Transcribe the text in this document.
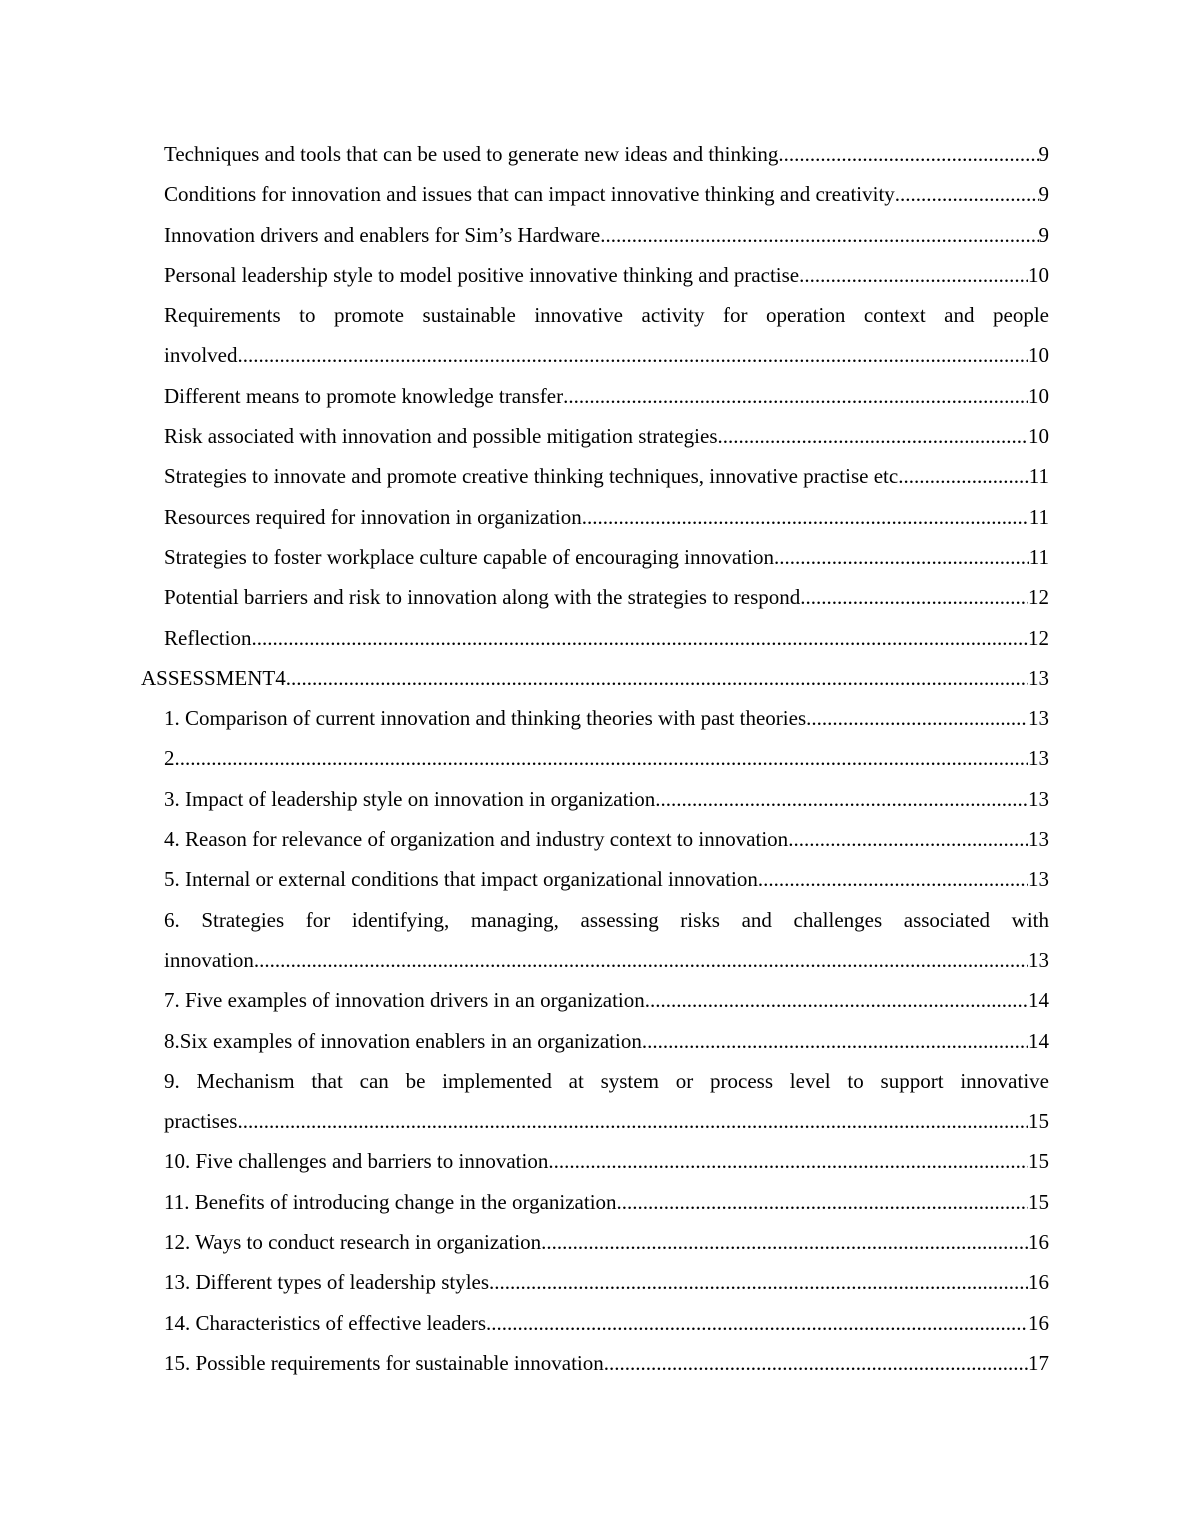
Techniques and tools that can be used to generate new ideas and thinking .....	9
Conditions for innovation and issues that can impact innovative thinking and creativity .....	9
Innovation drivers and enablers for Sim’s Hardware .....	9
Personal leadership style to model positive innovative thinking and practise .....	10
Requirements to promote sustainable innovative activity for operation context and people
involved .....	10
Different means to promote knowledge transfer .....	10
Risk associated with innovation and possible mitigation strategies .....	10
Strategies to innovate and promote creative thinking techniques, innovative practise etc .....	11
Resources required for innovation in organization .....	11
Strategies to foster workplace culture capable of encouraging innovation .....	11
Potential barriers and risk to innovation along with the strategies to respond .....	12
Reflection .....	12
ASSESSMENT4 .....	13
1. Comparison of current innovation and thinking theories with past theories .....	13
2 .....	13
3. Impact of leadership style on innovation in organization .....	13
4. Reason for relevance of organization and industry context to innovation .....	13
5. Internal or external conditions that impact organizational innovation .....	13
6. Strategies for identifying, managing, assessing risks and challenges associated with
innovation .....	13
7. Five examples of innovation drivers in an organization .....	14
8.Six examples of innovation enablers in an organization .....	14
9. Mechanism that can be implemented at system or process level to support innovative
practises .....	15
10. Five challenges and barriers to innovation .....	15
11. Benefits of introducing change in the organization .....	15
12. Ways to conduct research in organization .....	16
13. Different types of leadership styles .....	16
14. Characteristics of effective leaders .....	16
15. Possible requirements for sustainable innovation .....	17
